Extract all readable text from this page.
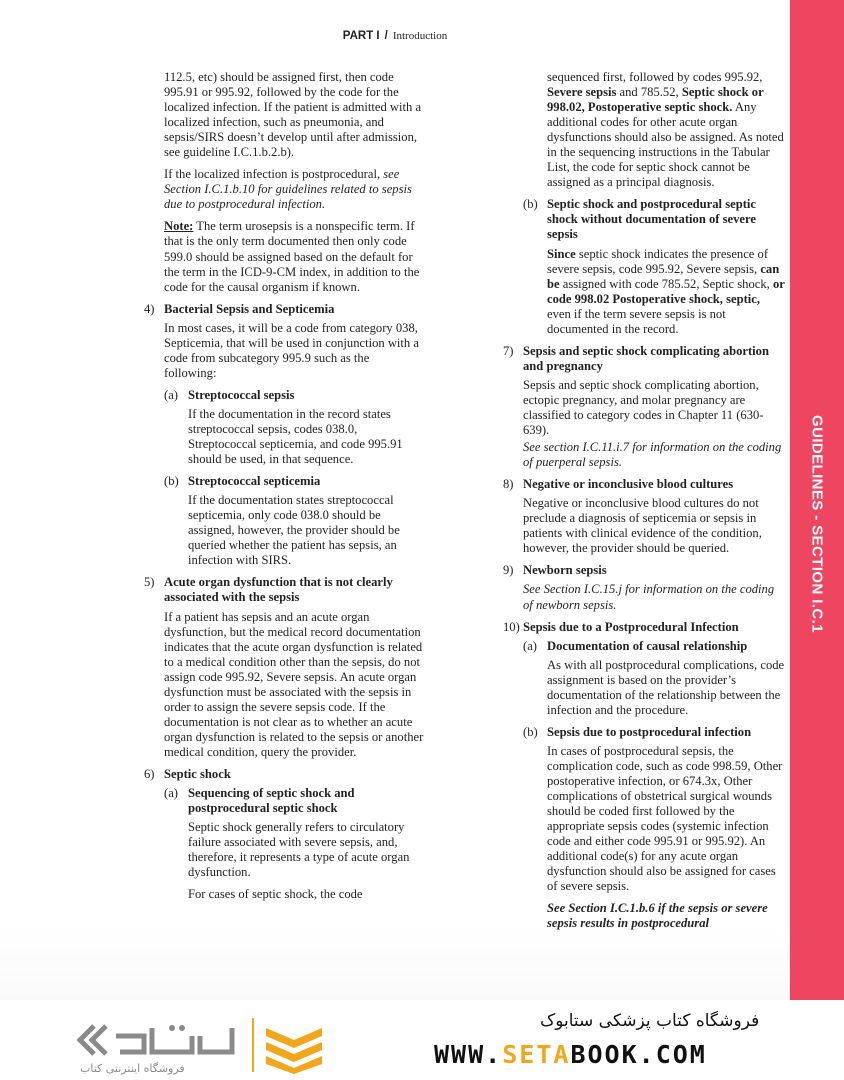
PART I / Introduction
GUIDELINES - SECTION I.C.1

112.5, etc) should be assigned first, then code 995.91 or 995.92, followed by the code for the localized infection. If the patient is admitted with a localized infection, such as pneumonia, and sepsis/SIRS doesn’t develop until after admission, see guideline I.C.1.b.2.b).

If the localized infection is postprocedural, see Section I.C.1.b.10 for guidelines related to sepsis due to postprocedural infection.

Note: The term urosepsis is a nonspecific term. If that is the only term documented then only code 599.0 should be assigned based on the default for the term in the ICD-9-CM index, in addition to the code for the causal organism if known.

4) Bacterial Sepsis and Septicemia

In most cases, it will be a code from category 038, Septicemia, that will be used in conjunction with a code from subcategory 995.9 such as the following:

(a) Streptococcal sepsis

If the documentation in the record states streptococcal sepsis, codes 038.0, Streptococcal septicemia, and code 995.91 should be used, in that sequence.

(b) Streptococcal septicemia

If the documentation states streptococcal septicemia, only code 038.0 should be assigned, however, the provider should be queried whether the patient has sepsis, an infection with SIRS.

5) Acute organ dysfunction that is not clearly associated with the sepsis

If a patient has sepsis and an acute organ dysfunction, but the medical record documentation indicates that the acute organ dysfunction is related to a medical condition other than the sepsis, do not assign code 995.92, Severe sepsis. An acute organ dysfunction must be associated with the sepsis in order to assign the severe sepsis code. If the documentation is not clear as to whether an acute organ dysfunction is related to the sepsis or another medical condition, query the provider.

6) Septic shock
(a) Sequencing of septic shock and postprocedural septic shock

Septic shock generally refers to circulatory failure associated with severe sepsis, and, therefore, it represents a type of acute organ dysfunction.

For cases of septic shock, the code

sequenced first, followed by codes 995.92, Severe sepsis and 785.52, Septic shock or 998.02, Postoperative septic shock. Any additional codes for other acute organ dysfunctions should also be assigned. As noted in the sequencing instructions in the Tabular List, the code for septic shock cannot be assigned as a principal diagnosis.

(b) Septic shock and postprocedural septic shock without documentation of severe sepsis

Since septic shock indicates the presence of severe sepsis, code 995.92, Severe sepsis, can be assigned with code 785.52, Septic shock, or code 998.02 Postoperative shock, septic, even if the term severe sepsis is not documented in the record.

7) Sepsis and septic shock complicating abortion and pregnancy

Sepsis and septic shock complicating abortion, ectopic pregnancy, and molar pregnancy are classified to category codes in Chapter 11 (630-639).

See section I.C.11.i.7 for information on the coding of puerperal sepsis.

8) Negative or inconclusive blood cultures

Negative or inconclusive blood cultures do not preclude a diagnosis of septicemia or sepsis in patients with clinical evidence of the condition, however, the provider should be queried.

9) Newborn sepsis

See Section I.C.15.j for information on the coding of newborn sepsis.

10) Sepsis due to a Postprocedural Infection
(a) Documentation of causal relationship

As with all postprocedural complications, code assignment is based on the provider’s documentation of the relationship between the infection and the procedure.

(b) Sepsis due to postprocedural infection

In cases of postprocedural sepsis, the complication code, such as code 998.59, Other postoperative infection, or 674.3x, Other complications of obstetrical surgical wounds should be coded first followed by the appropriate sepsis codes (systemic infection code and either code 995.91 or 995.92). An additional code(s) for any acute organ dysfunction should also be assigned for cases of severe sepsis.

See Section I.C.1.b.6 if the sepsis or severe sepsis results in postprocedural

فروشگاه اینترنتی کتاب
فروشگاه کتاب پزشکی ستابوک
WWW.SETABOOK.COM
